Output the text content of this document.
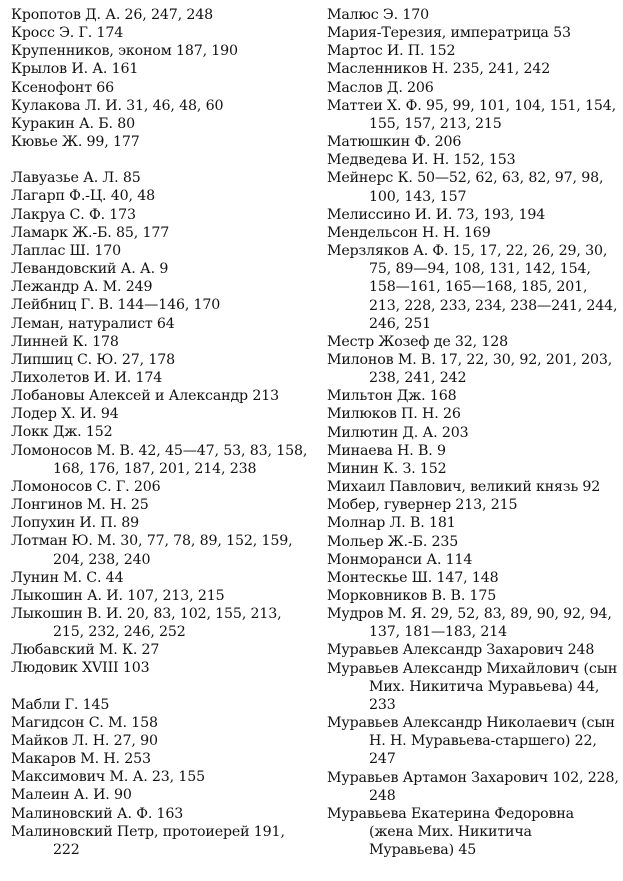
Кропотов Д. А. 26, 247, 248
Кросс Э. Г. 174
Крупенников, эконом 187, 190
Крылов И. А. 161
Ксенофонт 66
Кулакова Л. И. 31, 46, 48, 60
Куракин А. Б. 80
Кювье Ж. 99, 177
Лавуазье А. Л. 85
Лагарп Ф.-Ц. 40, 48
Лакруа С. Ф. 173
Ламарк Ж.-Б. 85, 177
Лаплас Ш. 170
Левандовский А. А. 9
Лежандр А. М. 249
Лейбниц Г. В. 144—146, 170
Леман, натуралист 64
Линней К. 178
Липшиц С. Ю. 27, 178
Лихолетов И. И. 174
Лобановы Алексей и Александр 213
Лодер Х. И. 94
Локк Дж. 152
Ломоносов М. В. 42, 45—47, 53, 83, 158, 168, 176, 187, 201, 214, 238
Ломоносов С. Г. 206
Лонгинов М. Н. 25
Лопухин И. П. 89
Лотман Ю. М. 30, 77, 78, 89, 152, 159, 204, 238, 240
Лунин М. С. 44
Лыкошин А. И. 107, 213, 215
Лыкошин В. И. 20, 83, 102, 155, 213, 215, 232, 246, 252
Любавский М. К. 27
Людовик XVIII 103
Мабли Г. 145
Магидсон С. М. 158
Майков Л. Н. 27, 90
Макаров М. Н. 253
Максимович М. А. 23, 155
Малеин А. И. 90
Малиновский А. Ф. 163
Малиновский Петр, протоиерей 191, 222
Малюс Э. 170
Мария-Терезия, императрица 53
Мартос И. П. 152
Масленников Н. 235, 241, 242
Маслов Д. 206
Маттеи Х. Ф. 95, 99, 101, 104, 151, 154, 155, 157, 213, 215
Матюшкин Ф. 206
Медведева И. Н. 152, 153
Мейнерс К. 50—52, 62, 63, 82, 97, 98, 100, 143, 157
Мелиссино И. И. 73, 193, 194
Мендельсон Н. Н. 169
Мерзляков А. Ф. 15, 17, 22, 26, 29, 30, 75, 89—94, 108, 131, 142, 154, 158—161, 165—168, 185, 201, 213, 228, 233, 234, 238—241, 244, 246, 251
Местр Жозеф де 32, 128
Милонов М. В. 17, 22, 30, 92, 201, 203, 238, 241, 242
Мильтон Дж. 168
Милюков П. Н. 26
Милютин Д. А. 203
Минаева Н. В. 9
Минин К. З. 152
Михаил Павлович, великий князь 92
Мобер, гувернер 213, 215
Молнар Л. В. 181
Мольер Ж.-Б. 235
Монморанси А. 114
Монтескье Ш. 147, 148
Морковников В. В. 175
Мудров М. Я. 29, 52, 83, 89, 90, 92, 94, 137, 181—183, 214
Муравьев Александр Захарович 248
Муравьев Александр Михайлович (сын Мих. Никитича Муравьева) 44, 233
Муравьев Александр Николаевич (сын Н. Н. Муравьева-старшего) 22, 247
Муравьев Артамон Захарович 102, 228, 248
Муравьева Екатерина Федоровна (жена Мих. Никитича Муравьева) 45
